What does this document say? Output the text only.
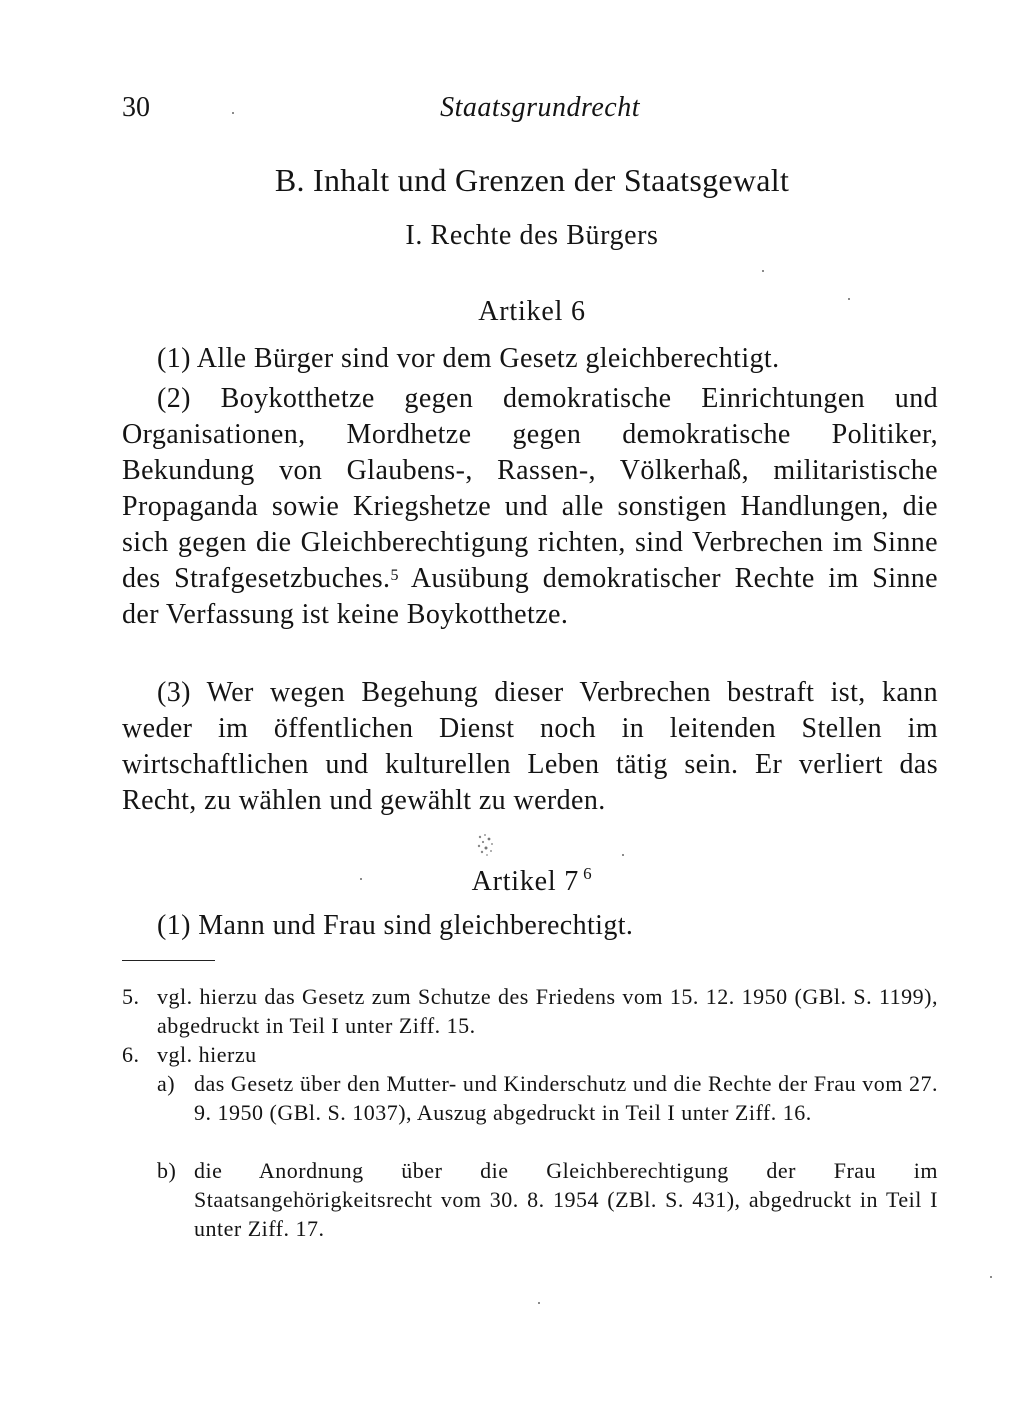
30	Staatsgrundrecht
B. Inhalt und Grenzen der Staatsgewalt
I. Rechte des Bürgers
Artikel 6

(1) Alle Bürger sind vor dem Gesetz gleichberechtigt.

(2) Boykotthetze gegen demokratische Einrichtungen und Organisationen, Mordhetze gegen demokratische Politiker, Bekundung von Glaubens-, Rassen-, Völkerhaß, militaristische Propaganda sowie Kriegshetze und alle sonstigen Handlungen, die sich gegen die Gleichberechtigung richten, sind Verbrechen im Sinne des Strafgesetzbuches.$^5$ Ausübung demokratischer Rechte im Sinne der Verfassung ist keine Boykotthetze.

(3) Wer wegen Begehung dieser Verbrechen bestraft ist, kann weder im öffentlichen Dienst noch in leitenden Stellen im wirtschaftlichen und kulturellen Leben tätig sein. Er verliert das Recht, zu wählen und gewählt zu werden.

Artikel 7 $^6$

(1) Mann und Frau sind gleichberechtigt.

5. vgl. hierzu das Gesetz zum Schutze des Friedens vom 15. 12. 1950 (GBl. S. 1199), abgedruckt in Teil I unter Ziff. 15.
6. vgl. hierzu
a) das Gesetz über den Mutter- und Kinderschutz und die Rechte der Frau vom 27. 9. 1950 (GBl. S. 1037), Auszug abgedruckt in Teil I unter Ziff. 16.
b) die Anordnung über die Gleichberechtigung der Frau im Staatsangehörigkeitsrecht vom 30. 8. 1954 (ZBl. S. 431), abgedruckt in Teil I unter Ziff. 17.
